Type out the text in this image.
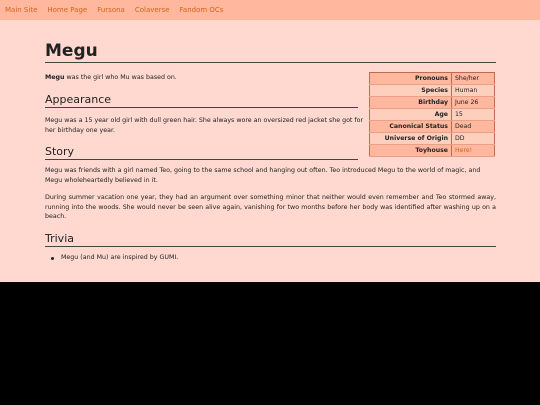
Main Site Home Page Fursona Colaverse Fandom OCs
Megu
Megu was the girl who Mu was based on.
Appearance

Megu was a 15 year old girl with dull green hair. She always wore an oversized red jacket she got for her birthday one year.

Story

Megu was friends with a girl named Teo, going to the same school and hanging out often. Teo introduced Megu to the world of magic, and Megu wholeheartedly believed in it.

During summer vacation one year, they had an argument over something minor that neither would even remember and Teo stormed away, running into the woods. She would never be seen alive again, vanishing for two months before her body was identified after washing up on a beach.

Trivia
Megu (and Mu) are inspired by GUMI.
Pronouns	She/her
Species	Human
Birthday	June 26
Age	15
Canonical Status	Dead
Universe of Origin	DD
Toyhouse	Here!
